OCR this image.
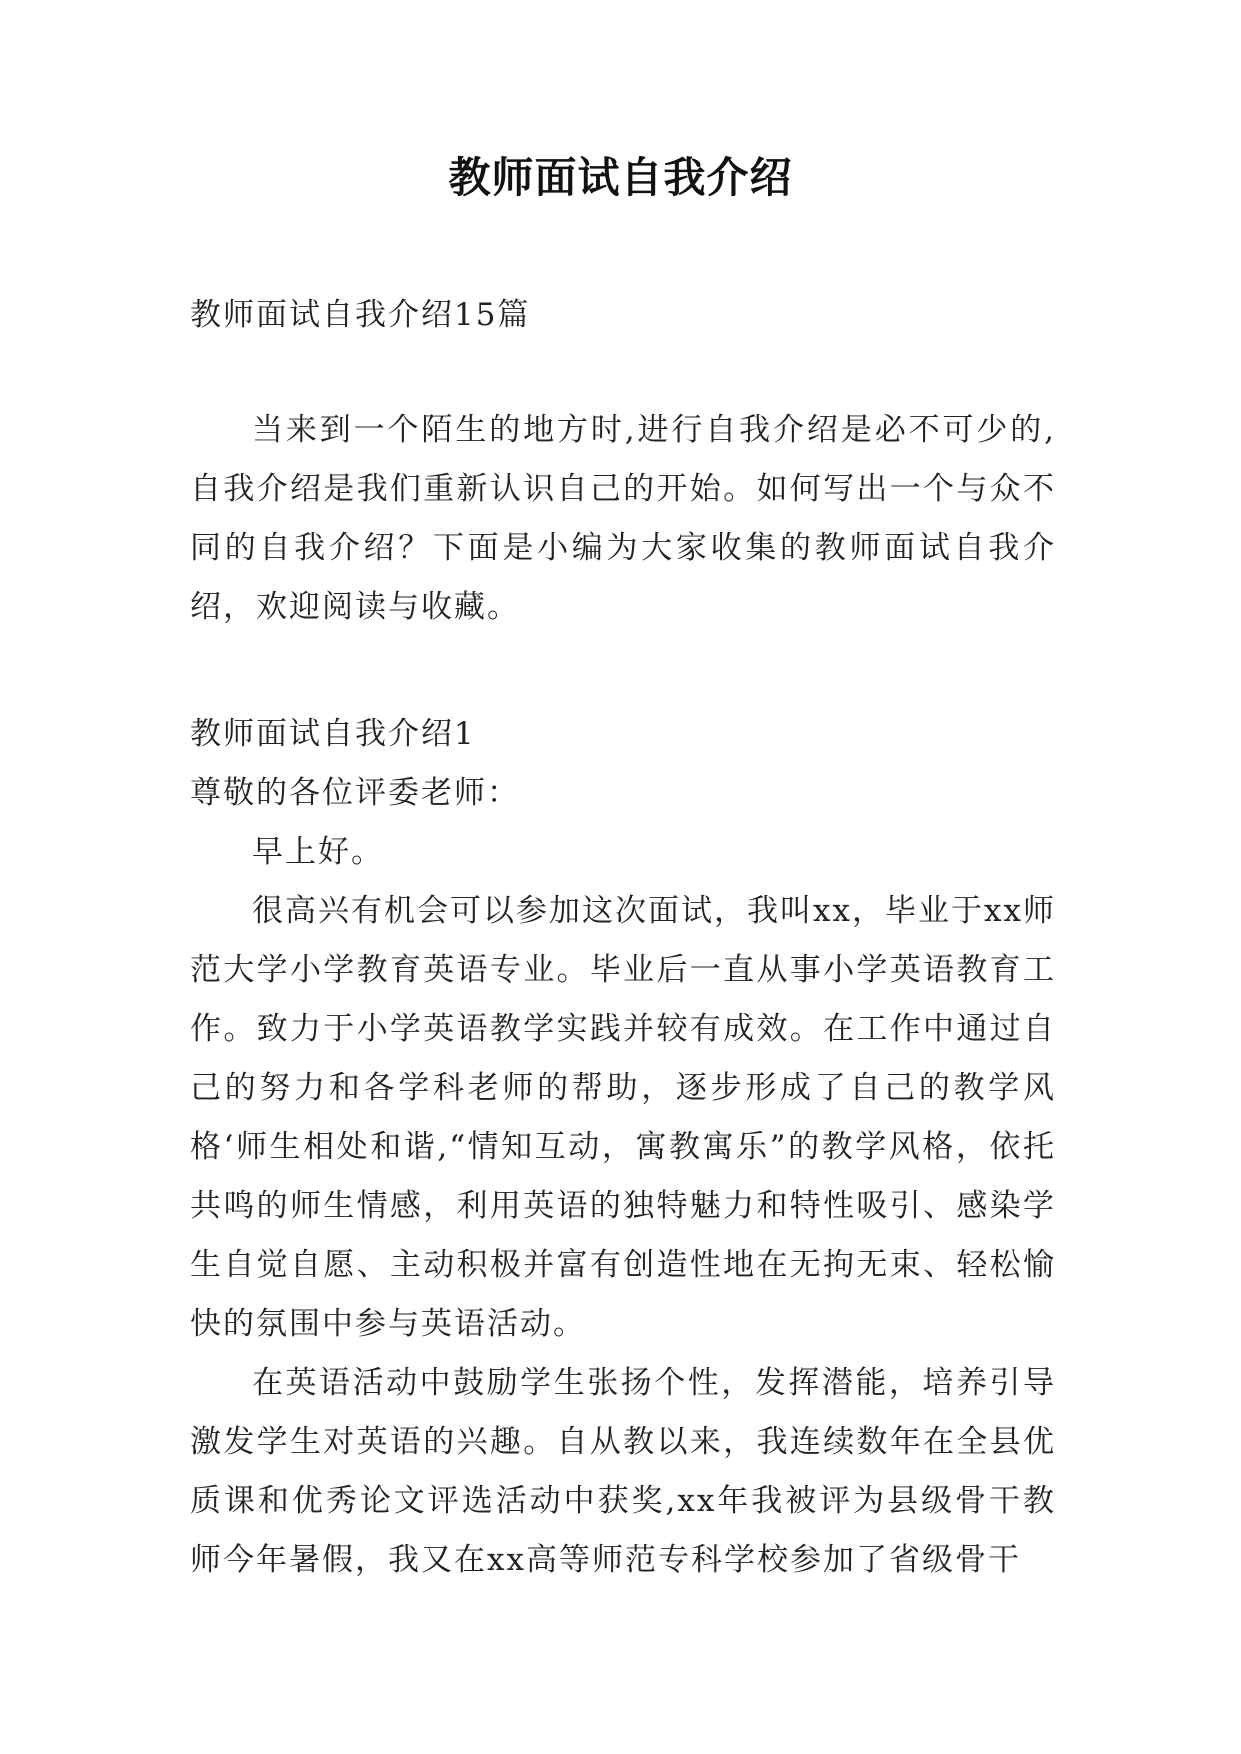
教师面试自我介绍

教师面试自我介绍15篇

当来到一个陌生的地方时,进行自我介绍是必不可少的,自我介绍是我们重新认识自己的开始。如何写出一个与众不同的自我介绍？下面是小编为大家收集的教师面试自我介绍，欢迎阅读与收藏。

教师面试自我介绍1

尊敬的各位评委老师：

早上好。

很高兴有机会可以参加这次面试，我叫xx，毕业于xx师范大学小学教育英语专业。毕业后一直从事小学英语教育工作。致力于小学英语教学实践并较有成效。在工作中通过自己的努力和各学科老师的帮助，逐步形成了自己的教学风格‘师生相处和谐,“情知互动，寓教寓乐”的教学风格，依托共鸣的师生情感，利用英语的独特魅力和特性吸引、感染学生自觉自愿、主动积极并富有创造性地在无拘无束、轻松愉快的氛围中参与英语活动。

在英语活动中鼓励学生张扬个性，发挥潜能，培养引导激发学生对英语的兴趣。自从教以来，我连续数年在全县优质课和优秀论文评选活动中获奖,xx年我被评为县级骨干教师今年暑假，我又在xx高等师范专科学校参加了省级骨干
